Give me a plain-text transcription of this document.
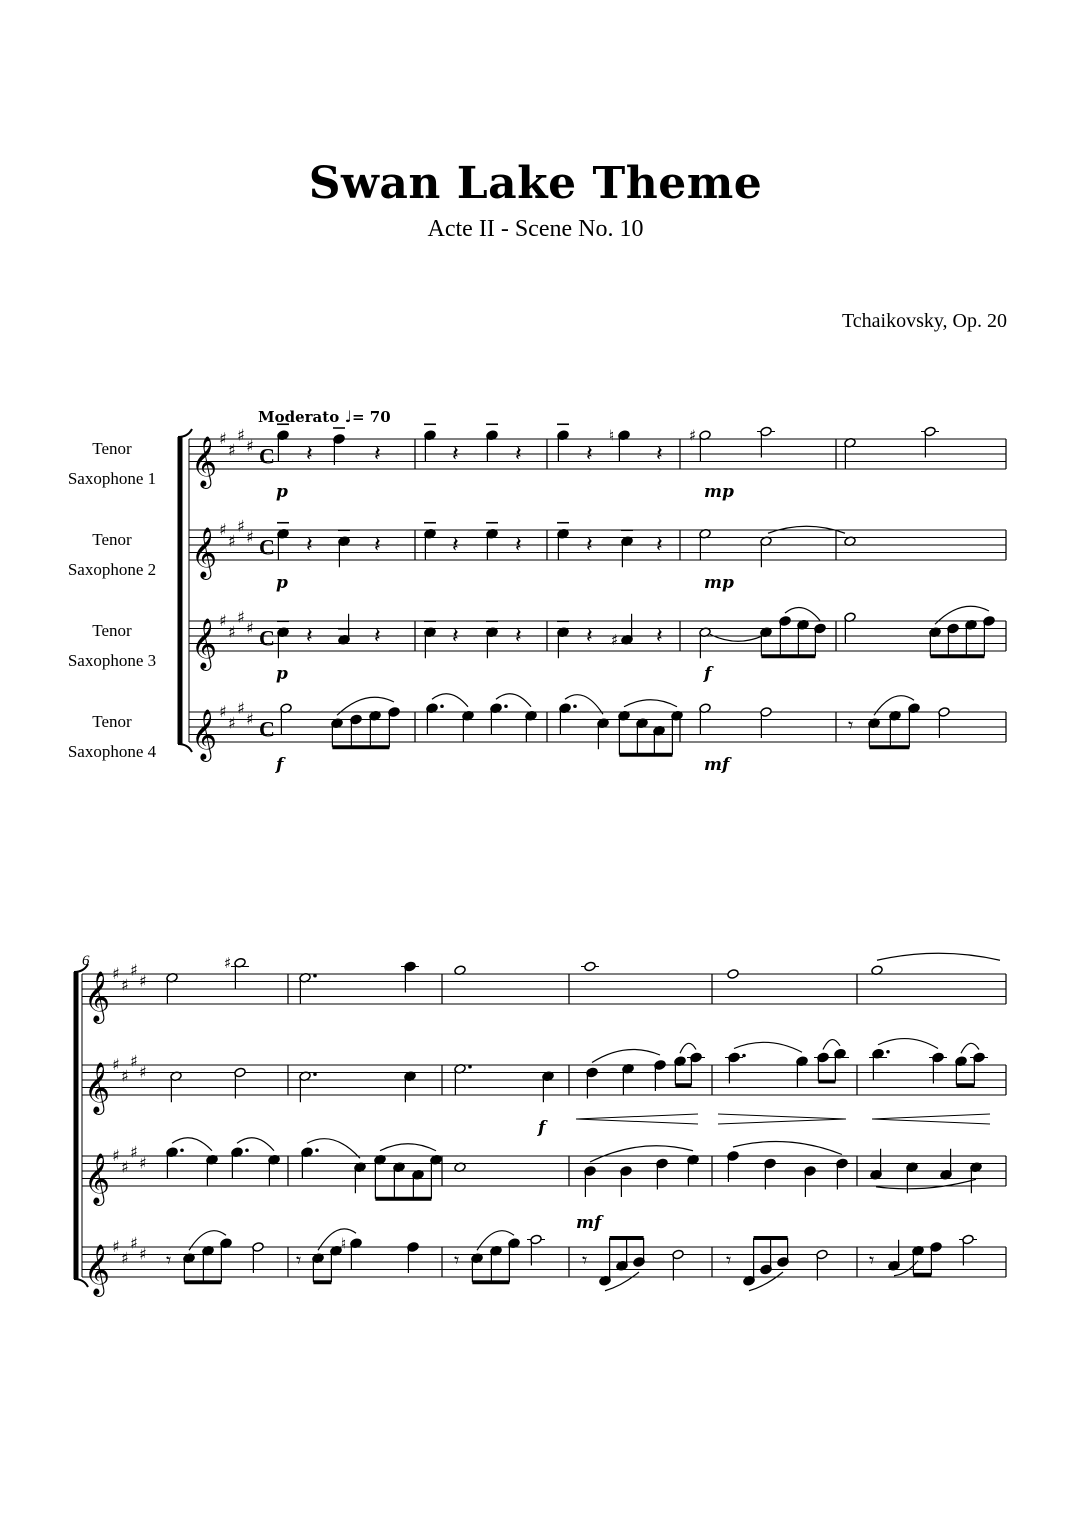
Swan Lake Theme
Acte II - Scene No. 10
Tchaikovsky, Op. 20
Moderato ♩= 70
Tenor
Saxophone 1
Tenor
Saxophone 2
Tenor
Saxophone 3
Tenor
Saxophone 4
6
𝄞 ♯
♯
♯
♯ C
𝄞 ♯
♯
♯
♯ C
𝄞 ♯
♯
♯
♯ C
𝄞 ♯
♯
♯
♯ C
𝄽	𝄽	𝄽	𝄽	𝄽
♮
𝄽
♯
𝄽	𝄽	𝄽	𝄽	𝄽	𝄽
𝄽	𝄽	𝄽	𝄽	𝄽 ♯ 𝄽
𝄾
p	mp
p	mp
p	f
f	mf
𝄞 ♯
♯
♯
♯
𝄞 ♯
♯
♯
♯
𝄞 ♯
♯
♯
♯
𝄞 ♯
♯
♯
♯
♯
𝄾	𝄾
♮
𝄾	𝄾	𝄾	𝄾
f
mf
